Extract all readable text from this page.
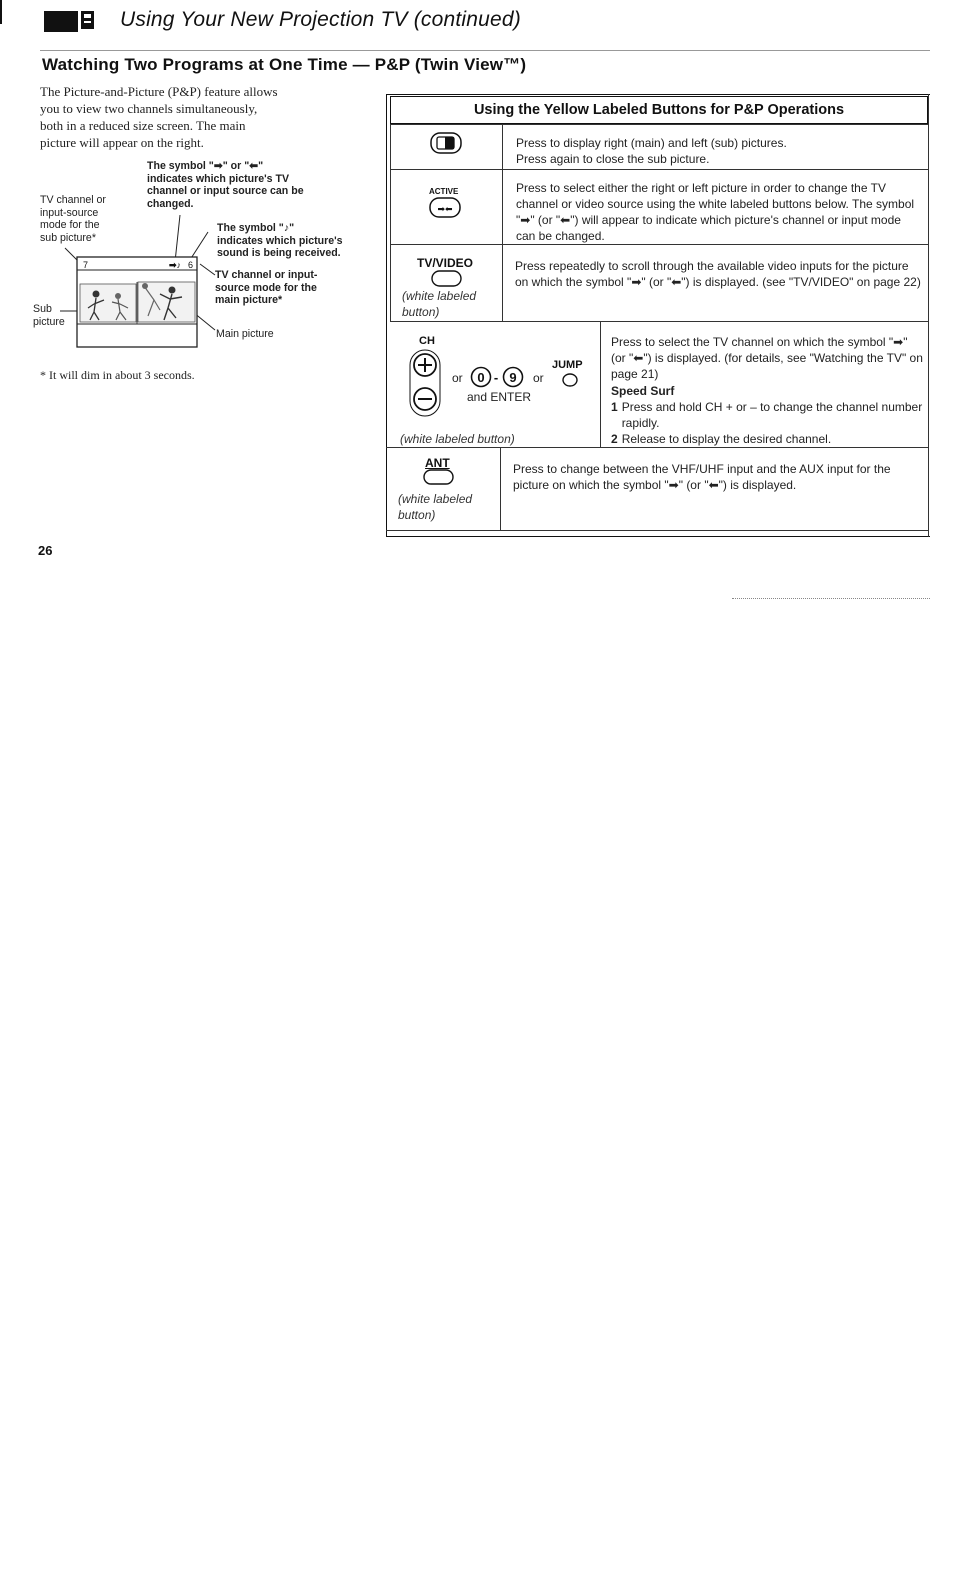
Using Your New Projection TV (continued)
Watching Two Programs at One Time — P&P (Twin View™)

The Picture-and-Picture (P&P) feature allows

you to view two channels simultaneously,

both in a reduced size screen. The main

picture will appear on the right.

The symbol "➡" or "⬅"
indicates which picture's TV
channel or input source can be
changed.
TV channel or
input-source
mode for the
sub picture*
The symbol "♪"
indicates which picture's
sound is being received.
TV channel or input-
source mode for the
main picture*
Sub
picture
Main picture
7	➡♪ 6
* It will dim in about 3 seconds.
26
Using the Yellow Labeled Buttons for P&P Operations

Press to display right (main) and left (sub) pictures.

Press again to close the sub picture.

ACTIVE
➡⬅
Press to select either the right or left picture in order to change the TV channel or video source using the white labeled buttons below. The symbol "➡" (or "⬅") will appear to indicate which picture's channel or input mode can be changed.
TV/VIDEO
(white labeled button)
Press repeatedly to scroll through the available video inputs for the picture on which the symbol "➡" (or "⬅") is displayed. (see "TV/VIDEO" on page 22)
CH
or 0 - 9 or
JUMP
and ENTER
(white labeled button)

Press to select the TV channel on which the symbol "➡" (or "⬅") is displayed. (for details, see "Watching the TV" on page 21)

Speed Surf

1 Press and hold CH + or – to change the channel number rapidly.
2 Release to display the desired channel.
ANT
(white labeled button)
Press to change between the VHF/UHF input and the AUX input for the picture on which the symbol "➡" (or "⬅") is displayed.
